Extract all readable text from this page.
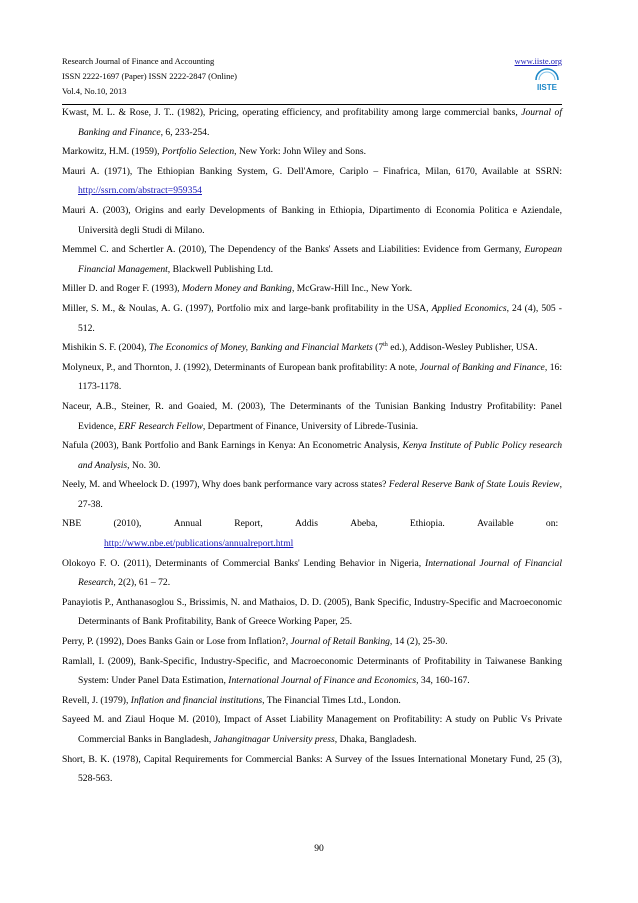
Research Journal of Finance and Accounting
ISSN 2222-1697 (Paper) ISSN 2222-2847 (Online)
Vol.4, No.10, 2013
www.iiste.org
IISTE
Kwast, M. L. & Rose, J. T.. (1982), Pricing, operating efficiency, and profitability among large commercial banks, Journal of Banking and Finance, 6, 233-254.
Markowitz, H.M. (1959), Portfolio Selection, New York: John Wiley and Sons.
Mauri A. (1971), The Ethiopian Banking System, G. Dell'Amore, Cariplo – Finafrica, Milan, 6170, Available at SSRN: http://ssrn.com/abstract=959354
Mauri A. (2003), Origins and early Developments of Banking in Ethiopia, Dipartimento di Economia Politica e Aziendale, Università degli Studi di Milano.
Memmel C. and Schertler A. (2010), The Dependency of the Banks' Assets and Liabilities: Evidence from Germany, European Financial Management, Blackwell Publishing Ltd.
Miller D. and Roger F. (1993), Modern Money and Banking, McGraw-Hill Inc., New York.
Miller, S. M., & Noulas, A. G. (1997), Portfolio mix and large-bank profitability in the USA, Applied Economics, 24 (4), 505 - 512.
Mishikin S. F. (2004), The Economics of Money, Banking and Financial Markets (7th ed.), Addison-Wesley Publisher, USA.
Molyneux, P., and Thornton, J. (1992), Determinants of European bank profitability: A note, Journal of Banking and Finance, 16: 1173-1178.
Naceur, A.B., Steiner, R. and Goaied, M. (2003), The Determinants of the Tunisian Banking Industry Profitability: Panel Evidence, ERF Research Fellow, Department of Finance, University of Librede-Tusinia.
Nafula (2003), Bank Portfolio and Bank Earnings in Kenya: An Econometric Analysis, Kenya Institute of Public Policy research and Analysis, No. 30.
Neely, M. and Wheelock D. (1997), Why does bank performance vary across states? Federal Reserve Bank of State Louis Review, 27-38.
NBE	(2010),	Annual	Report,	Addis	Abeba,	Ethiopia.	Available	on:
http://www.nbe.et/publications/annualreport.html
Olokoyo F. O. (2011), Determinants of Commercial Banks' Lending Behavior in Nigeria, International Journal of Financial Research, 2(2), 61 – 72.
Panayiotis P., Anthanasoglou S., Brissimis, N. and Mathaios, D. D. (2005), Bank Specific, Industry-Specific and Macroeconomic Determinants of Bank Profitability, Bank of Greece Working Paper, 25.
Perry, P. (1992), Does Banks Gain or Lose from Inflation?, Journal of Retail Banking, 14 (2), 25-30.
Ramlall, I. (2009), Bank-Specific, Industry-Specific, and Macroeconomic Determinants of Profitability in Taiwanese Banking System: Under Panel Data Estimation, International Journal of Finance and Economics, 34, 160-167.
Revell, J. (1979), Inflation and financial institutions, The Financial Times Ltd., London.
Sayeed M. and Ziaul Hoque M. (2010), Impact of Asset Liability Management on Profitability: A study on Public Vs Private Commercial Banks in Bangladesh, Jahangitnagar University press, Dhaka, Bangladesh.
Short, B. K. (1978), Capital Requirements for Commercial Banks: A Survey of the Issues International Monetary Fund, 25 (3), 528-563.
90
